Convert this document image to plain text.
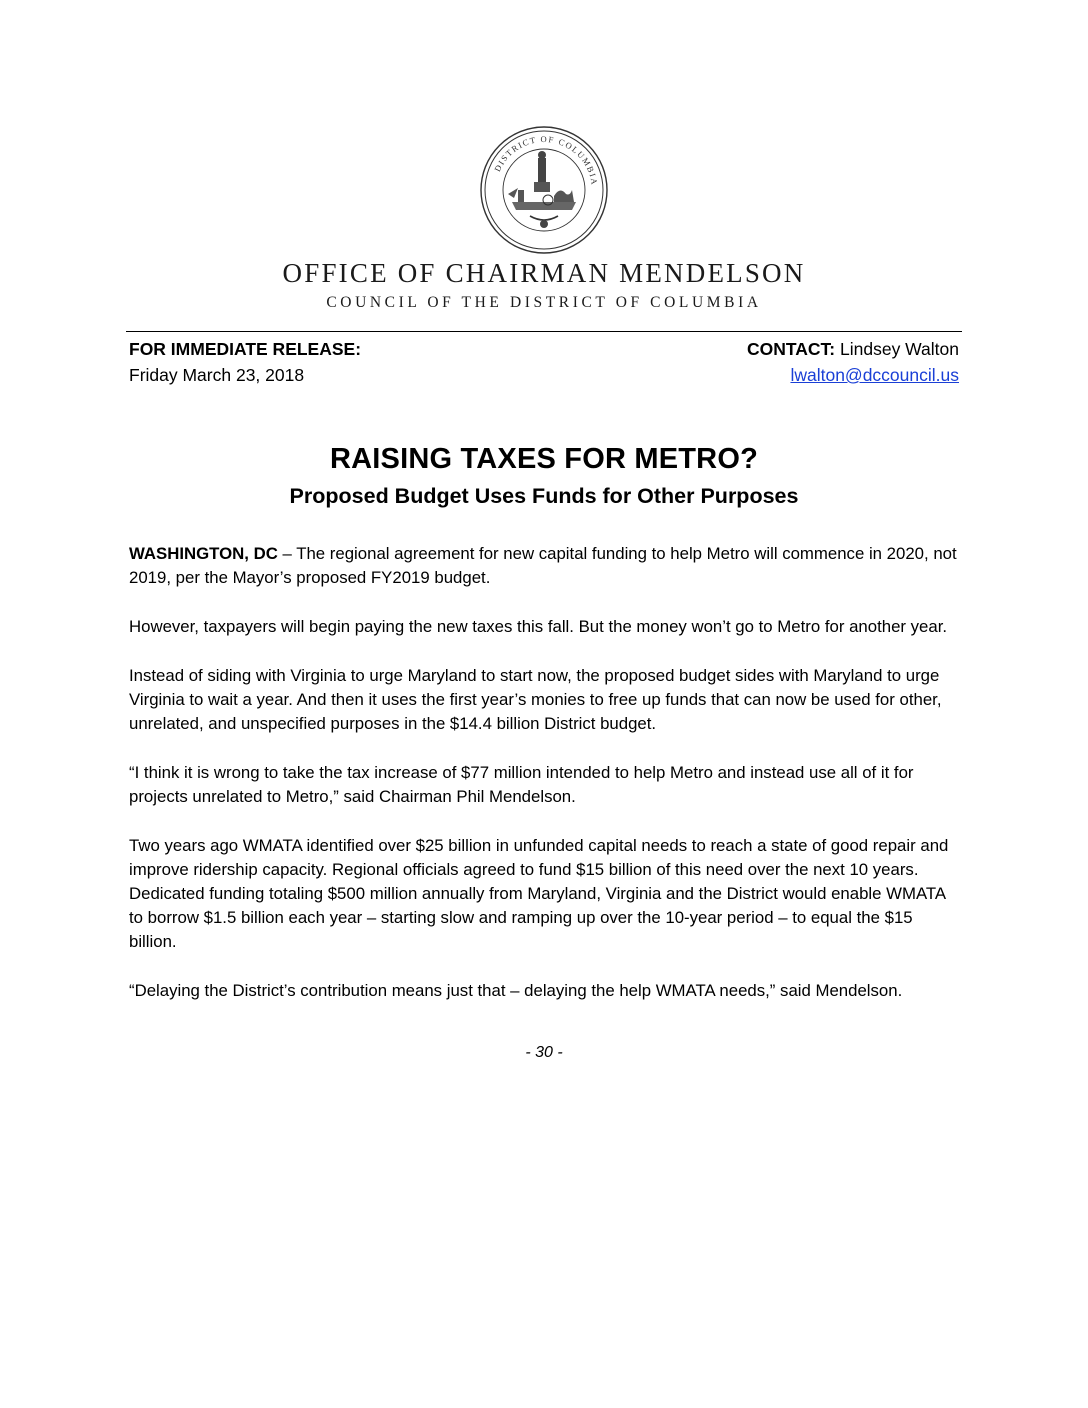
DISTRICT OF COLUMBIA
OFFICE OF CHAIRMAN MENDELSON
COUNCIL OF THE DISTRICT OF COLUMBIA
FOR IMMEDIATE RELEASE:
Friday March 23, 2018
CONTACT: Lindsey Walton
lwalton@dccouncil.us
RAISING TAXES FOR METRO?
Proposed Budget Uses Funds for Other Purposes

WASHINGTON, DC – The regional agreement for new capital funding to help Metro will commence in 2020, not 2019, per the Mayor’s proposed FY2019 budget.

However, taxpayers will begin paying the new taxes this fall. But the money won’t go to Metro for another year.

Instead of siding with Virginia to urge Maryland to start now, the proposed budget sides with Maryland to urge Virginia to wait a year. And then it uses the first year’s monies to free up funds that can now be used for other, unrelated, and unspecified purposes in the $14.4 billion District budget.

“I think it is wrong to take the tax increase of $77 million intended to help Metro and instead use all of it for projects unrelated to Metro,” said Chairman Phil Mendelson.

Two years ago WMATA identified over $25 billion in unfunded capital needs to reach a state of good repair and improve ridership capacity. Regional officials agreed to fund $15 billion of this need over the next 10 years. Dedicated funding totaling $500 million annually from Maryland, Virginia and the District would enable WMATA to borrow $1.5 billion each year – starting slow and ramping up over the 10-year period – to equal the $15 billion.

“Delaying the District’s contribution means just that – delaying the help WMATA needs,” said Mendelson.

- 30 -
